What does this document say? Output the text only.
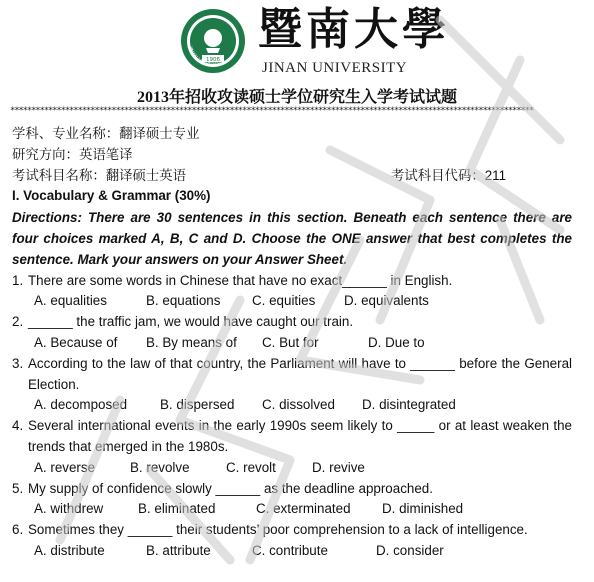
1906
JINAN UNIVERSITY
暨南大學
JINAN UNIVERSITY
2013年招收攻读硕士学位研究生入学考试试题
****************************************************************************************************************************
学科、专业名称：翻译硕士专业
研究方向：英语笔译
考试科目名称：翻译硕士英语	考试科目代码：211
I. Vocabulary & Grammar (30%)
Directions: There are 30 sentences in this section. Beneath each sentence there are four choices marked A, B, C and D. Choose the ONE answer that best completes the sentence. Mark your answers on your Answer Sheet.
1. There are some words in Chinese that have no exact______ in English.
A. equalities	B. equations	C. equities	D. equivalents
2. ______ the traffic jam, we would have caught our train.
A. Because of	B. By means of	C. But for	D. Due to
3. According to the law of that country, the Parliament will have to ______ before the General Election.
A. decomposed	B. dispersed	C. dissolved	D. disintegrated
4. Several international events in the early 1990s seem likely to _____ or at least weaken the trends that emerged in the 1980s.
A. reverse	B. revolve	C. revolt	D. revive
5. My supply of confidence slowly ______ as the deadline approached.
A. withdrew	B. eliminated	C. exterminated	D. diminished
6. Sometimes they ______ their students’ poor comprehension to a lack of intelligence.
A. distribute	B. attribute	C. contribute	D. consider
